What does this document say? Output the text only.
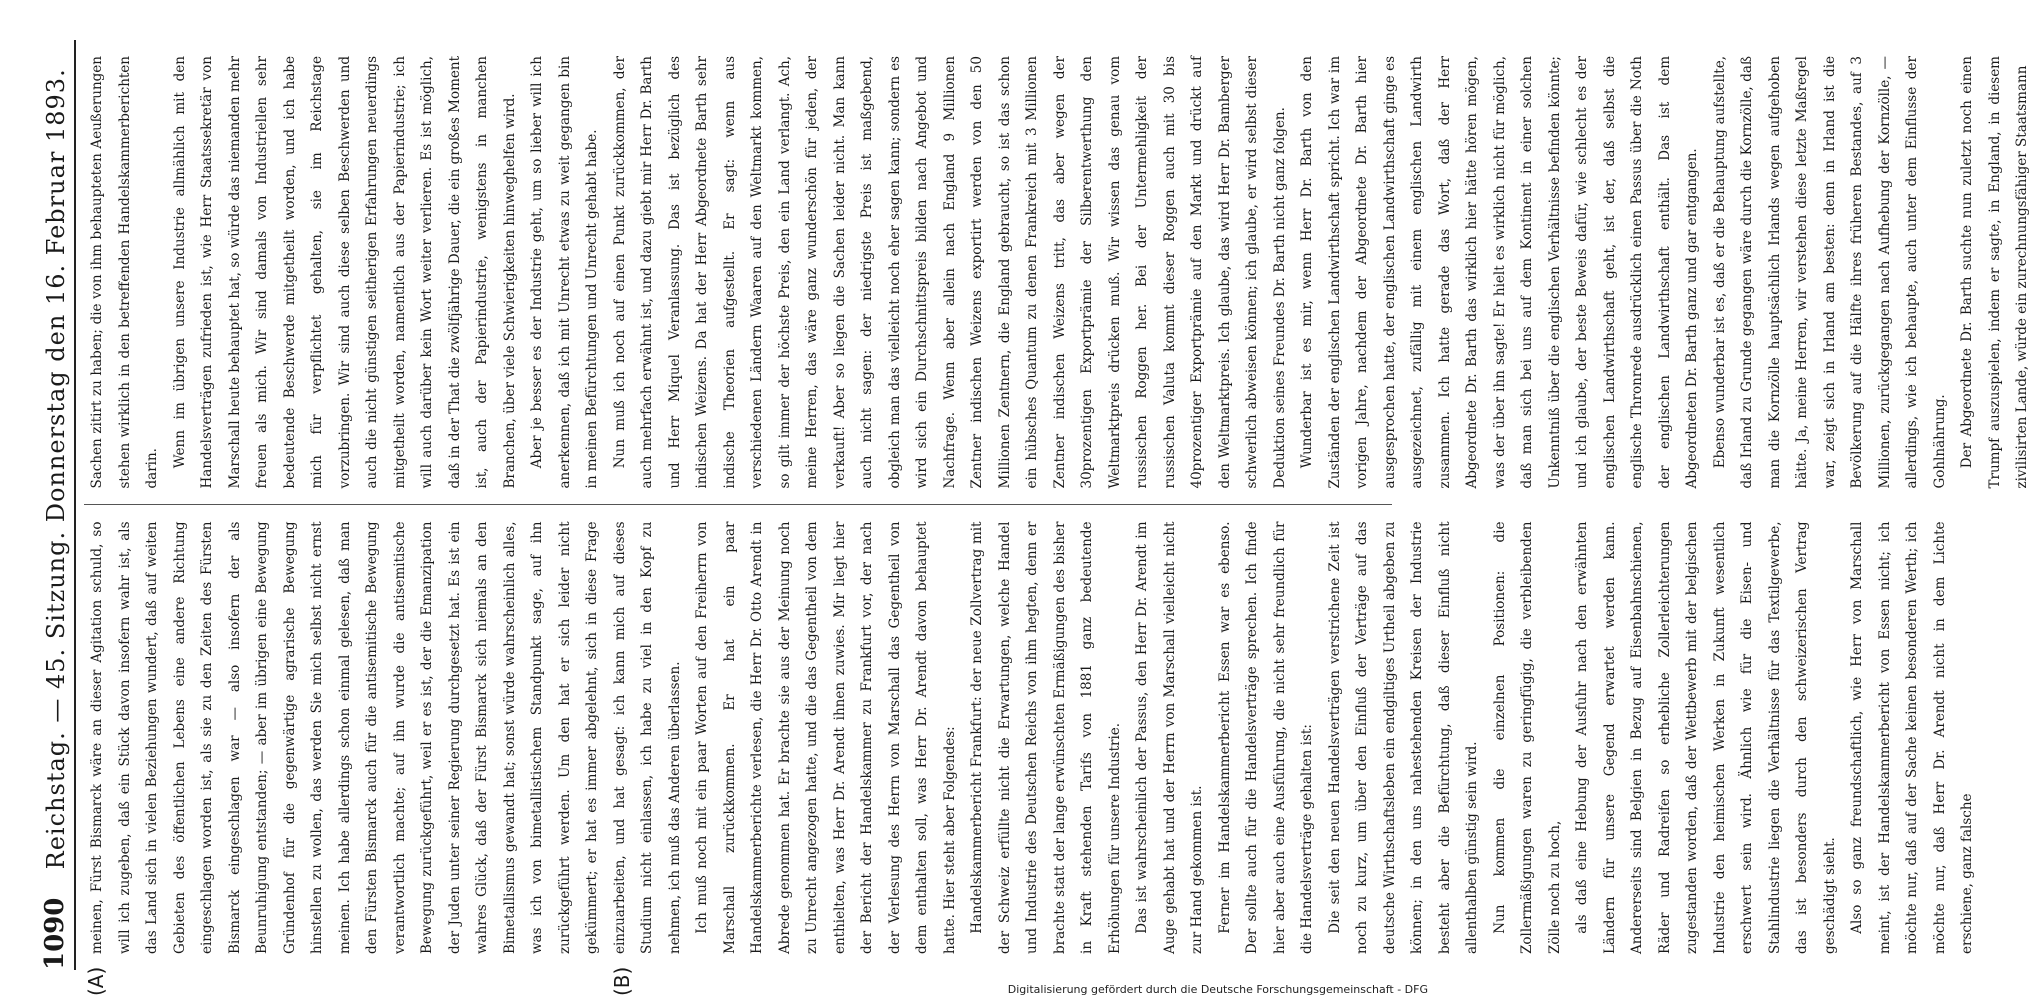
1090
Reichstag. — 45. Sitzung. Donnerstag den 16. Februar 1893.
(A)	(B)

meinen, Fürst Bismarck wäre an dieser Agitation schuld, so will ich zugeben, daß ein Stück davon insofern wahr ist, als das Land sich in vielen Beziehungen wundert, daß auf weiten Gebieten des öffentlichen Lebens eine andere Richtung eingeschlagen worden ist, als sie zu den Zeiten des Fürsten Bismarck eingeschlagen war — also insofern der als Beunruhigung entstanden; — aber im übrigen eine Bewegung Gründenhof für die gegenwärtige agrarische Bewegung hinstellen zu wollen, das werden Sie mich selbst nicht ernst meinen. Ich habe allerdings schon einmal gelesen, daß man den Fürsten Bismarck auch für die antisemitische Bewegung verantwortlich machte; auf ihn wurde die antisemitische Bewegung zurückgeführt, weil er es ist, der die Emanzipation der Juden unter seiner Regierung durchgesetzt hat. Es ist ein wahres Glück, daß der Fürst Bismarck sich niemals an den Bimetallismus gewandt hat; sonst würde wahrscheinlich alles, was ich von bimetallistischem Standpunkt sage, auf ihn zurückgeführt werden. Um den hat er sich leider nicht gekümmert; er hat es immer abgelehnt, sich in diese Frage einzuarbeiten, und hat gesagt: ich kann mich auf dieses Studium nicht einlassen, ich habe zu viel in den Kopf zu nehmen, ich muß das Anderen überlassen. Ich muß noch mit ein paar Worten auf den Freiherrn von Marschall zurückkommen. Er hat ein paar Handelskammerberichte verlesen, die Herr Dr. Otto Arendt in Abrede genommen hat. Er brachte sie aus der Meinung noch zu Unrecht angezogen hatte, und die das Gegentheil von dem enthielten, was Herr Dr. Arendt ihnen zuwies. Mir liegt hier der Bericht der Handelskammer zu Frankfurt vor, der nach der Verlesung des Herrn von Marschall das Gegentheil von dem enthalten soll, was Herr Dr. Arendt davon behauptet hatte. Hier steht aber Folgendes: Handelskammerbericht Frankfurt: der neue Zollvertrag mit der Schweiz erfüllte nicht die Erwartungen, welche Handel und Industrie des Deutschen Reichs von ihm hegten, denn er brachte statt der lange erwünschten Ermäßigungen des bisher in Kraft stehenden Tarifs von 1881 ganz bedeutende Erhöhungen für unsere Industrie. Das ist wahrscheinlich der Passus, den Herr Dr. Arendt im Auge gehabt hat und der Herrn von Marschall vielleicht nicht zur Hand gekommen ist. Ferner im Handelskammerbericht Essen war es ebenso. Der sollte auch für die Handelsverträge sprechen. Ich finde hier aber auch eine Ausführung, die nicht sehr freundlich für die Handelsverträge gehalten ist: Die seit den neuen Handelsverträgen verstrichene Zeit ist noch zu kurz, um über den Einfluß der Verträge auf das deutsche Wirthschaftsleben ein endgiltiges Urtheil abgeben zu können; in den uns nahestehenden Kreisen der Industrie besteht aber die Befürchtung, daß dieser Einfluß nicht allenthalben günstig sein wird. Nun kommen die einzelnen Positionen: die Zollermäßigungen waren zu geringfügig, die verbleibenden Zölle noch zu hoch, als daß eine Hebung der Ausfuhr nach den erwähnten Ländern für unsere Gegend erwartet werden kann. Andererseits sind Belgien in Bezug auf Eisenbahnschienen, Räder und Radreifen so erhebliche Zollerleichterungen zugestanden worden, daß der Wettbewerb mit der belgischen Industrie den heimischen Werken in Zukunft wesentlich erschwert sein wird. Ähnlich wie für die Eisen- und Stahlindustrie liegen die Verhältnisse für das Textilgewerbe, das ist besonders durch den schweizerischen Vertrag geschädigt sieht. Also so ganz freundschaftlich, wie Herr von Marschall meint, ist der Handelskammerbericht von Essen nicht; ich möchte nur, daß auf der Sache keinen besonderen Werth; ich möchte nur, daß Herr Dr. Arendt nicht in dem Lichte erschiene, ganz falsche

Sachen zitirt zu haben; die von ihm behaupteten Aeußerungen stehen wirklich in den betreffenden Handelskammerberichten darin.

Wenn im übrigen unsere Industrie allmählich mit den Handelsverträgen zufrieden ist, wie Herr Staatssekretär von Marschall heute behauptet hat, so würde das niemanden mehr freuen als mich. Wir sind damals von Industriellen sehr bedeutende Beschwerde mitgetheilt worden, und ich habe mich für verpflichtet gehalten, sie im Reichstage vorzubringen. Wir sind auch diese selben Beschwerden und auch die nicht günstigen seitherigen Erfahrungen neuerdings mitgetheilt worden, namentlich aus der Papierindustrie; ich will auch darüber kein Wort weiter verlieren. Es ist möglich, daß in der That die zwölfjährige Dauer, die ein großes Moment ist, auch der Papierindustrie, wenigstens in manchen Branchen, über viele Schwierigkeiten hinweghelfen wird. Aber je besser es der Industrie geht, um so lieber will ich anerkennen, daß ich mit Unrecht etwas zu weit gegangen bin in meinen Befürchtungen und Unrecht gehabt habe. Nun muß ich noch auf einen Punkt zurückkommen, der auch mehrfach erwähnt ist, und dazu giebt mir Herr Dr. Barth und Herr Miquel Veranlassung. Das ist bezüglich des indischen Weizens. Da hat der Herr Abgeordnete Barth sehr indische Theorien aufgestellt. Er sagt: wenn aus verschiedenen Ländern Waaren auf den Weltmarkt kommen, so gilt immer der höchste Preis, den ein Land verlangt. Ach, meine Herren, das wäre ganz wunderschön für jeden, der verkauft! Aber so liegen die Sachen leider nicht. Man kann auch nicht sagen: der niedrigste Preis ist maßgebend, obgleich man das vielleicht noch eher sagen kann; sondern es wird sich ein Durchschnittspreis bilden nach Angebot und Nachfrage. Wenn aber allein nach England 9 Millionen Zentner indischen Weizens exportirt werden von den 50 Millionen Zentnern, die England gebraucht, so ist das schon ein hübsches Quantum zu denen Frankreich mit 3 Millionen Zentner indischen Weizens tritt, das aber wegen der 30prozentigen Exportprämie der Silberentwerthung den Weltmarktpreis drücken muß. Wir wissen das genau vom russischen Roggen her. Bei der Untermehligkeit der russischen Valuta kommt dieser Roggen auch mit 30 bis 40prozentiger Exportprämie auf den Markt und drückt auf den Weltmarktpreis. Ich glaube, das wird Herr Dr. Bamberger schwerlich abweisen können; ich glaube, er wird selbst dieser Deduktion seines Freundes Dr. Barth nicht ganz folgen. Wunderbar ist es mir, wenn Herr Dr. Barth von den Zuständen der englischen Landwirthschaft spricht. Ich war im vorigen Jahre, nachdem der Abgeordnete Dr. Barth hier ausgesprochen hatte, der englischen Landwirthschaft ginge es ausgezeichnet, zufällig mit einem englischen Landwirth zusammen. Ich hatte gerade das Wort, daß der Herr Abgeordnete Dr. Barth das wirklich hier hätte hören mögen, was der über ihn sagte! Er hielt es wirklich nicht für möglich, daß man sich bei uns auf dem Kontinent in einer solchen Unkenntniß über die englischen Verhältnisse befinden könnte; und ich glaube, der beste Beweis dafür, wie schlecht es der englischen Landwirthschaft geht, ist der, daß selbst die englische Thronrede ausdrücklich einen Passus über die Noth der englischen Landwirthschaft enthält. Das ist dem Abgeordneten Dr. Barth ganz und gar entgangen. Ebenso wunderbar ist es, daß er die Behauptung aufstellte, daß Irland zu Grunde gegangen wäre durch die Kornzölle, daß man die Kornzölle hauptsächlich Irlands wegen aufgehoben hätte. Ja, meine Herren, wir verstehen diese letzte Maßregel war, zeigt sich in Irland am besten: denn in Irland ist die Bevölkerung auf die Hälfte ihres früheren Bestandes, auf 3 Millionen, zurückgegangen nach Aufhebung der Kornzölle, — allerdings, wie ich behaupte, auch unter dem Einflusse der Gohlnährung. Der Abgeordnete Dr. Barth suchte nun zuletzt noch einen Trumpf auszuspielen, indem er sagte, in England, in diesem zivilisirten Lande, würde ein zurechnungsfähiger Staatsmann

Digitalisierung gefördert durch die Deutsche Forschungsgemeinschaft - DFG
